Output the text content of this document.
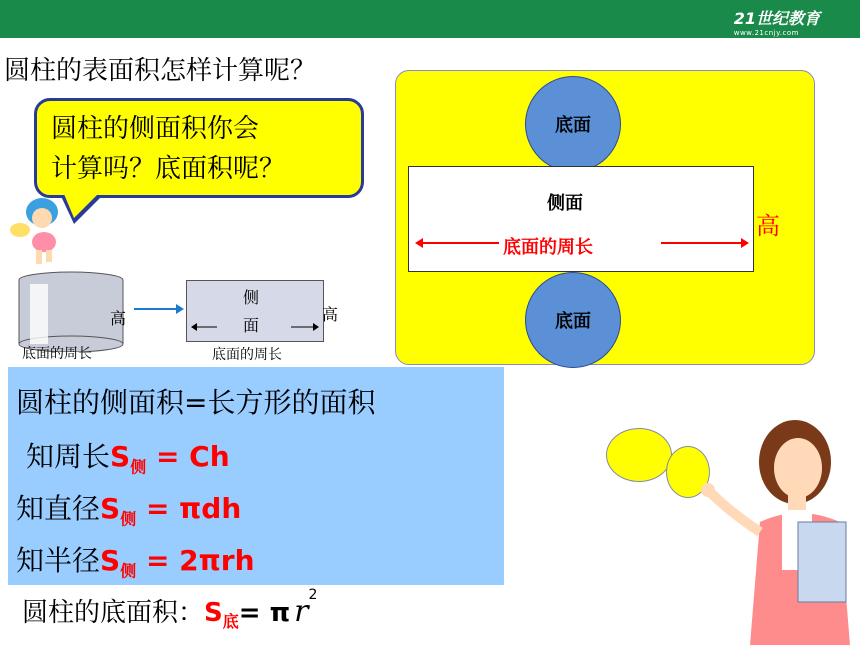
21世纪教育
www.21cnjy.com
圆柱的表面积怎样计算呢？
圆柱的侧面积你会
计算吗？底面积呢？
底面的周长
高
侧
面
高
底面的周长
底面
侧面
底面的周长
高
底面
圆柱的侧面积=长方形的面积
知周长$S_侧 = Ch$
知直径$S_侧 = \pi dh$
知半径$S_侧 = 2\pi rh$
圆柱的底面积：$S_底= \pi$ $r^2$
